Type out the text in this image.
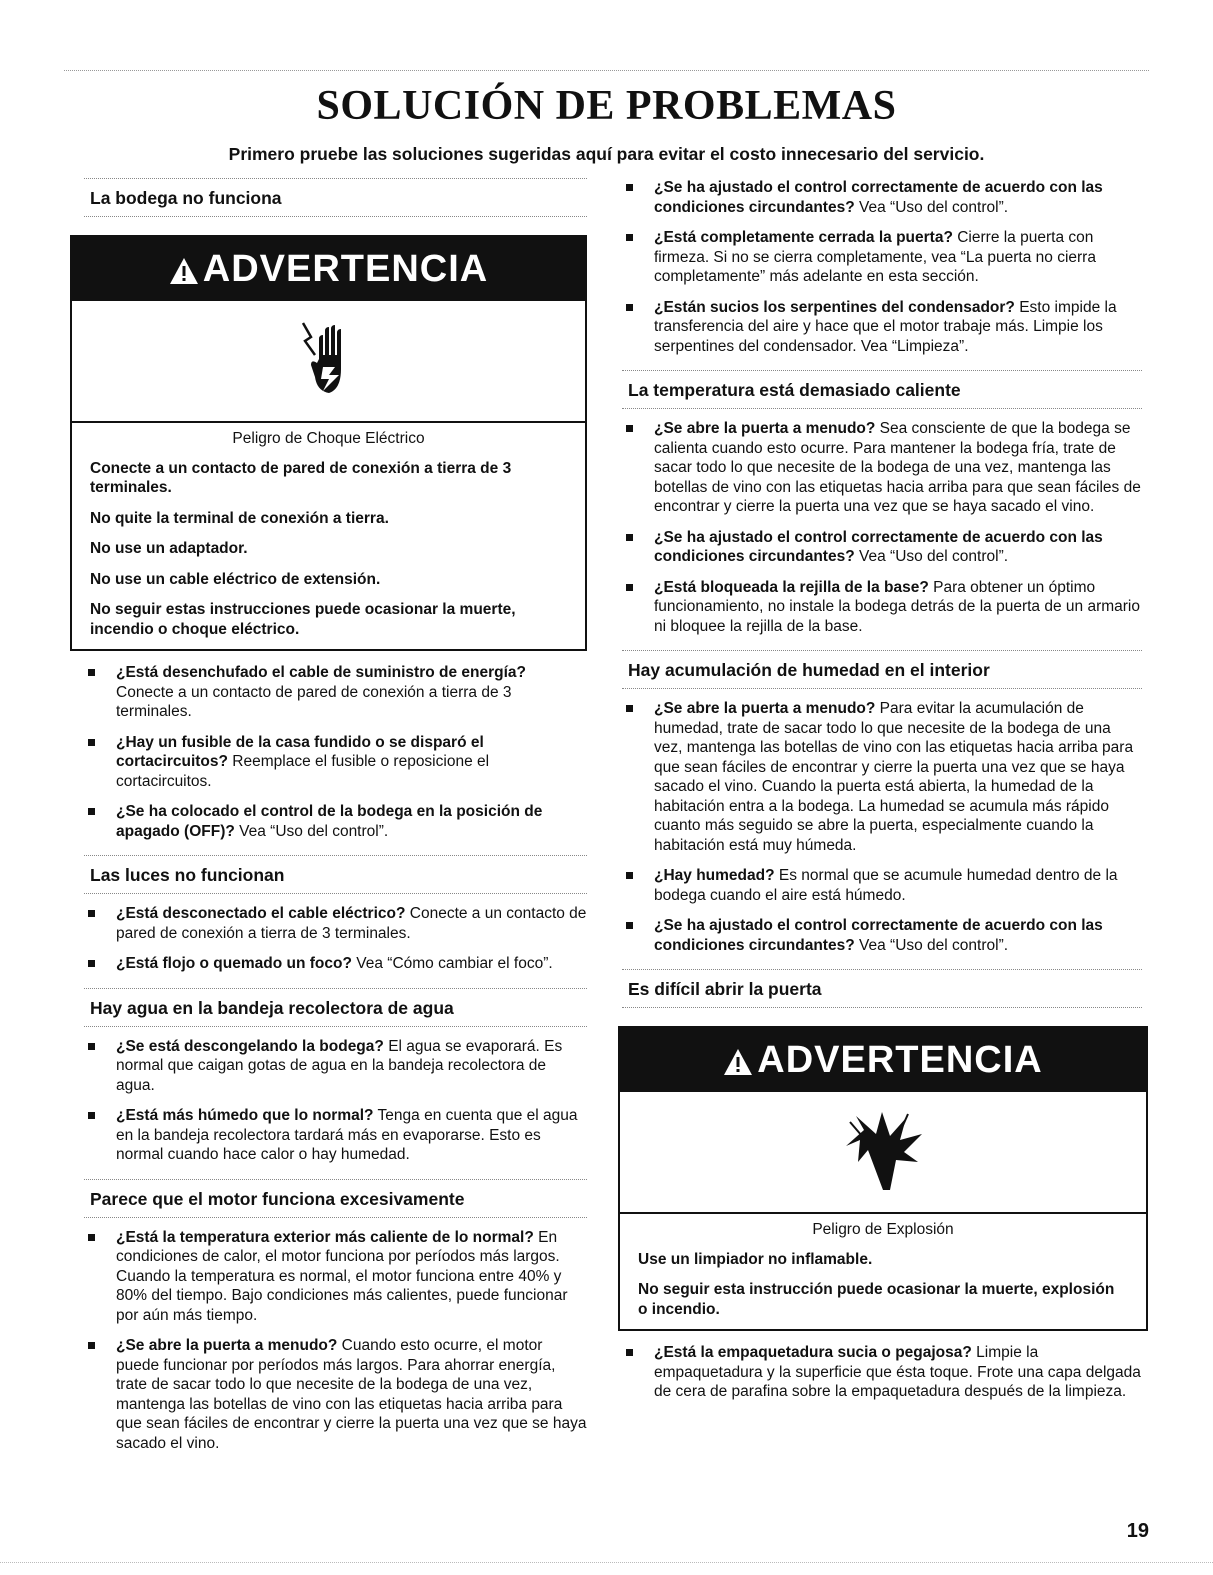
SOLUCIÓN DE PROBLEMAS

Primero pruebe las soluciones sugeridas aquí para evitar el costo innecesario del servicio.

La bodega no funciona
ADVERTENCIA
Peligro de Choque Eléctrico

Conecte a un contacto de pared de conexión a tierra de 3 terminales.

No quite la terminal de conexión a tierra.

No use un adaptador.

No use un cable eléctrico de extensión.

No seguir estas instrucciones puede ocasionar la muerte, incendio o choque eléctrico.

¿Está desenchufado el cable de suministro de energía? Conecte a un contacto de pared de conexión a tierra de 3 terminales.
¿Hay un fusible de la casa fundido o se disparó el cortacircuitos? Reemplace el fusible o reposicione el cortacircuitos.
¿Se ha colocado el control de la bodega en la posición de apagado (OFF)? Vea “Uso del control”.
Las luces no funcionan
¿Está desconectado el cable eléctrico? Conecte a un contacto de pared de conexión a tierra de 3 terminales.
¿Está flojo o quemado un foco? Vea “Cómo cambiar el foco”.
Hay agua en la bandeja recolectora de agua
¿Se está descongelando la bodega? El agua se evaporará. Es normal que caigan gotas de agua en la bandeja recolectora de agua.
¿Está más húmedo que lo normal? Tenga en cuenta que el agua en la bandeja recolectora tardará más en evaporarse. Esto es normal cuando hace calor o hay humedad.
Parece que el motor funciona excesivamente
¿Está la temperatura exterior más caliente de lo normal? En condiciones de calor, el motor funciona por períodos más largos. Cuando la temperatura es normal, el motor funciona entre 40% y 80% del tiempo. Bajo condiciones más calientes, puede funcionar por aún más tiempo.
¿Se abre la puerta a menudo? Cuando esto ocurre, el motor puede funcionar por períodos más largos. Para ahorrar energía, trate de sacar todo lo que necesite de la bodega de una vez, mantenga las botellas de vino con las etiquetas hacia arriba para que sean fáciles de encontrar y cierre la puerta una vez que se haya sacado el vino.
¿Se ha ajustado el control correctamente de acuerdo con las condiciones circundantes? Vea “Uso del control”.
¿Está completamente cerrada la puerta? Cierre la puerta con firmeza. Si no se cierra completamente, vea “La puerta no cierra completamente” más adelante en esta sección.
¿Están sucios los serpentines del condensador? Esto impide la transferencia del aire y hace que el motor trabaje más. Limpie los serpentines del condensador. Vea “Limpieza”.
La temperatura está demasiado caliente
¿Se abre la puerta a menudo? Sea consciente de que la bodega se calienta cuando esto ocurre. Para mantener la bodega fría, trate de sacar todo lo que necesite de la bodega de una vez, mantenga las botellas de vino con las etiquetas hacia arriba para que sean fáciles de encontrar y cierre la puerta una vez que se haya sacado el vino.
¿Se ha ajustado el control correctamente de acuerdo con las condiciones circundantes? Vea “Uso del control”.
¿Está bloqueada la rejilla de la base? Para obtener un óptimo funcionamiento, no instale la bodega detrás de la puerta de un armario ni bloquee la rejilla de la base.
Hay acumulación de humedad en el interior
¿Se abre la puerta a menudo? Para evitar la acumulación de humedad, trate de sacar todo lo que necesite de la bodega de una vez, mantenga las botellas de vino con las etiquetas hacia arriba para que sean fáciles de encontrar y cierre la puerta una vez que se haya sacado el vino. Cuando la puerta está abierta, la humedad de la habitación entra a la bodega. La humedad se acumula más rápido cuanto más seguido se abre la puerta, especialmente cuando la habitación está muy húmeda.
¿Hay humedad? Es normal que se acumule humedad dentro de la bodega cuando el aire está húmedo.
¿Se ha ajustado el control correctamente de acuerdo con las condiciones circundantes? Vea “Uso del control”.
Es difícil abrir la puerta
ADVERTENCIA
Peligro de Explosión

Use un limpiador no inflamable.

No seguir esta instrucción puede ocasionar la muerte, explosión o incendio.

¿Está la empaquetadura sucia o pegajosa? Limpie la empaquetadura y la superficie que ésta toque. Frote una capa delgada de cera de parafina sobre la empaquetadura después de la limpieza.
19
